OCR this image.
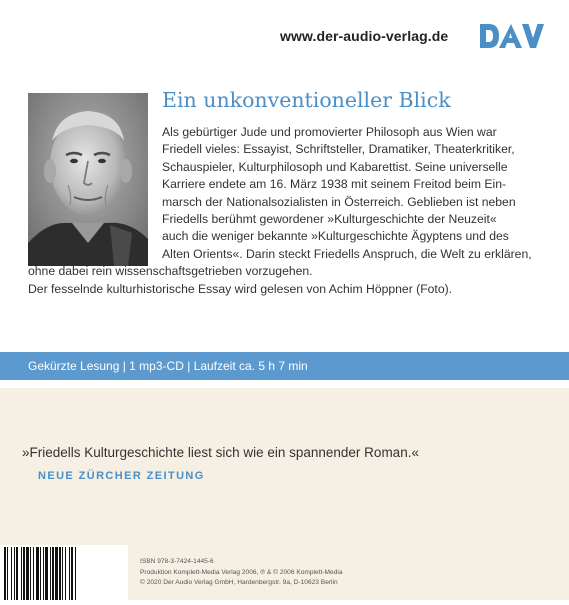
www.der-audio-verlag.de
Ein unkonventioneller Blick
Als gebürtiger Jude und promovierter Philosoph aus Wien war
Friedell vieles: Essayist, Schriftsteller, Dramatiker, Theaterkritiker,
Schauspieler, Kulturphilosoph und Kabarettist. Seine universelle
Karriere endete am 16. März 1938 mit seinem Freitod beim Ein-
marsch der Nationalsozialisten in Österreich. Geblieben ist neben
Friedells berühmt gewordener »Kulturgeschichte der Neuzeit«
auch die weniger bekannte »Kulturgeschichte Ägyptens und des
Alten Orients«. Darin steckt Friedells Anspruch, die Welt zu erklären,
ohne dabei rein wissenschaftsgetrieben vorzugehen.
Der fesselnde kulturhistorische Essay wird gelesen von Achim Höppner (Foto).
Gekürzte Lesung | 1 mp3-CD | Laufzeit ca. 5 h 7 min
»Friedells Kulturgeschichte liest sich wie ein spannender Roman.«
NEUE ZÜRCHER ZEITUNG
ISBN 978-3-7424-1445-6
Produktion Komplett-Media Verlag 2006, ℗ & © 2006 Komplett-Media
© 2020 Der Audio Verlag GmbH, Hardenbergstr. 9a, D-10623 Berlin
